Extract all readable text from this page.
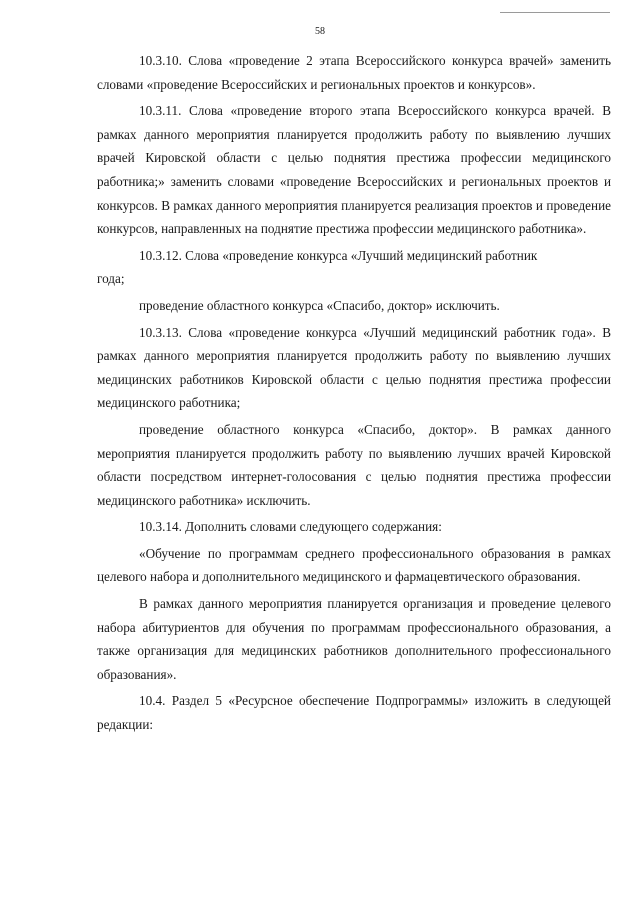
58

10.3.10. Слова «проведение 2 этапа Всероссийского конкурса врачей» заменить словами «проведение Всероссийских и региональных проектов и конкурсов».

10.3.11. Слова «проведение второго этапа Всероссийского конкурса врачей. В рамках данного мероприятия планируется продолжить работу по выявлению лучших врачей Кировской области с целью поднятия престижа профессии медицинского работника;» заменить словами «проведение Всероссийских и региональных проектов и конкурсов. В рамках данного мероприятия планируется реализация проектов и проведение конкурсов, направленных на поднятие престижа профессии медицинского работника».

10.3.12. Слова «проведение конкурса «Лучший медицинский работник

года;

проведение областного конкурса «Спасибо, доктор» исключить.

10.3.13. Слова «проведение конкурса «Лучший медицинский работник года». В рамках данного мероприятия планируется продолжить работу по выявлению лучших медицинских работников Кировской области с целью поднятия престижа профессии медицинского работника;

проведение областного конкурса «Спасибо, доктор». В рамках данного мероприятия планируется продолжить работу по выявлению лучших врачей Кировской области посредством интернет-голосования с целью поднятия престижа профессии медицинского работника» исключить.

10.3.14. Дополнить словами следующего содержания:

«Обучение по программам среднего профессионального образования в рамках целевого набора и дополнительного медицинского и фармацевтического образования.

В рамках данного мероприятия планируется организация и проведение целевого набора абитуриентов для обучения по программам профессионального образования, а также организация для медицинских работников дополнительного профессионального образования».

10.4. Раздел 5 «Ресурсное обеспечение Подпрограммы» изложить в следующей редакции:
